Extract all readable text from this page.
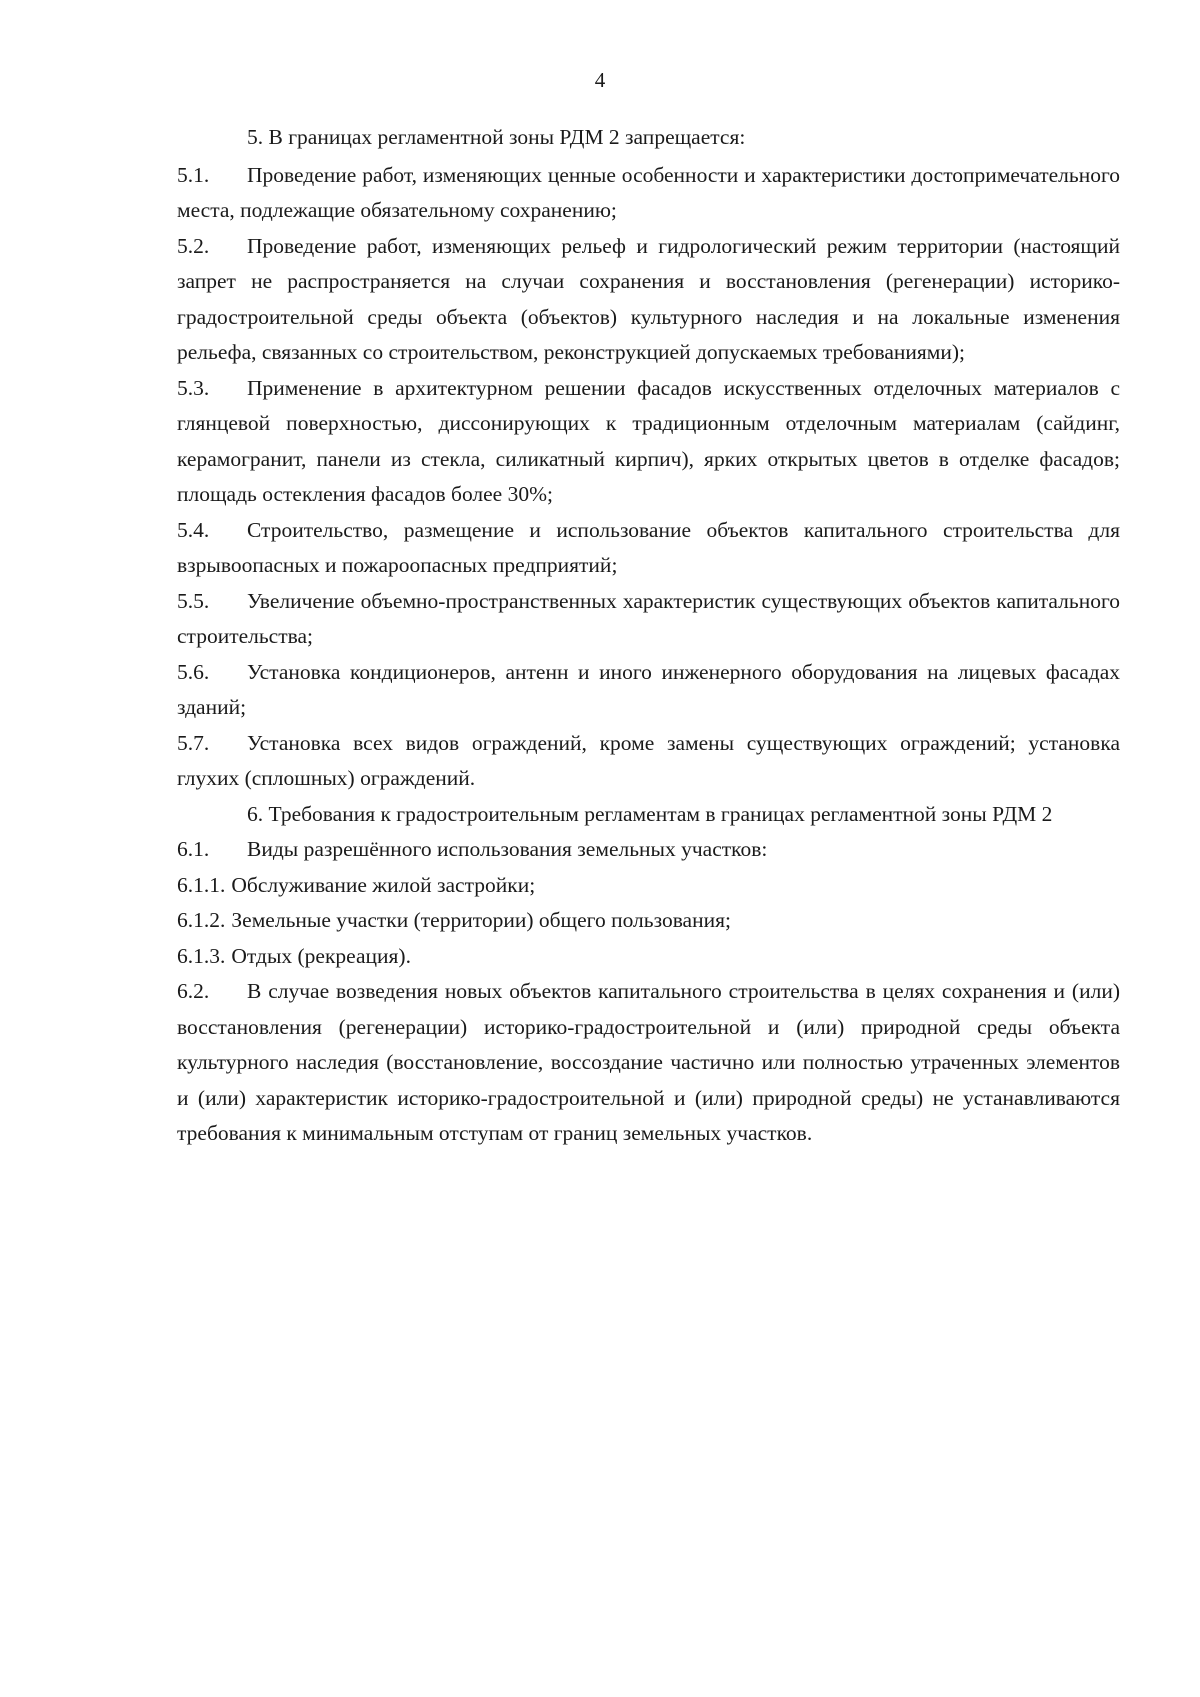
4

5. В границах регламентной зоны РДМ 2 запрещается:

5.1. Проведение работ, изменяющих ценные особенности и характеристики достопримечательного места, подлежащие обязательному сохранению;

5.2. Проведение работ, изменяющих рельеф и гидрологический режим территории (настоящий запрет не распространяется на случаи сохранения и восстановления (регенерации) историко-градостроительной среды объекта (объектов) культурного наследия и на локальные изменения рельефа, связанных со строительством, реконструкцией допускаемых требованиями);

5.3. Применение в архитектурном решении фасадов искусственных отделочных материалов с глянцевой поверхностью, диссонирующих к традиционным отделочным материалам (сайдинг, керамогранит, панели из стекла, силикатный кирпич), ярких открытых цветов в отделке фасадов; площадь остекления фасадов более 30%;

5.4. Строительство, размещение и использование объектов капитального строительства для взрывоопасных и пожароопасных предприятий;

5.5. Увеличение объемно-пространственных характеристик существующих объектов капитального строительства;

5.6. Установка кондиционеров, антенн и иного инженерного оборудования на лицевых фасадах зданий;

5.7. Установка всех видов ограждений, кроме замены существующих ограждений; установка глухих (сплошных) ограждений.

6. Требования к градостроительным регламентам в границах регламентной зоны РДМ 2

6.1. Виды разрешённого использования земельных участков:

6.1.1. Обслуживание жилой застройки;

6.1.2. Земельные участки (территории) общего пользования;

6.1.3. Отдых (рекреация).

6.2. В случае возведения новых объектов капитального строительства в целях сохранения и (или) восстановления (регенерации) историко-градостроительной и (или) природной среды объекта культурного наследия (восстановление, воссоздание частично или полностью утраченных элементов и (или) характеристик историко-градостроительной и (или) природной среды) не устанавливаются требования к минимальным отступам от границ земельных участков.
